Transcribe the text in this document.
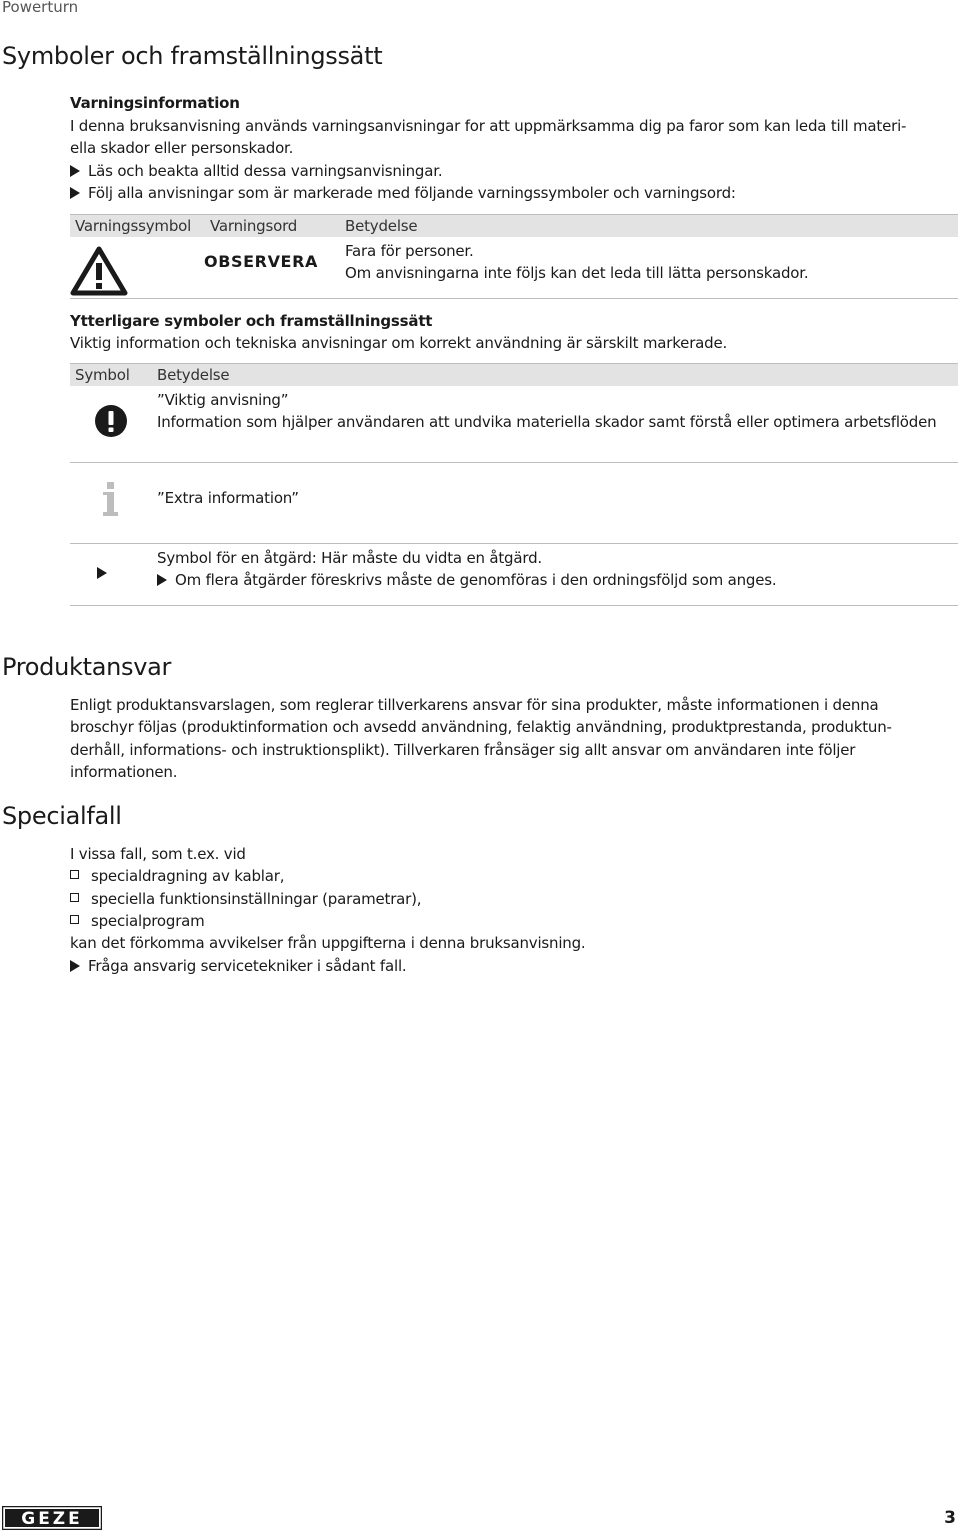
Powerturn
Symboler och framställningssätt
Varningsinformation
I denna bruksanvisning används varningsanvisningar for att uppmärksamma dig pa faror som kan leda till materi-
ella skador eller personskador.
Läs och beakta alltid dessa varningsanvisningar.
Följ alla anvisningar som är markerade med följande varningssymboler och varningsord:
Varningssymbol Varningsord	Betydelse
OBSERVERA
Fara för personer.
Om anvisningarna inte följs kan det leda till lätta personskador.
Ytterligare symboler och framställningssätt
Viktig information och tekniska anvisningar om korrekt användning är särskilt markerade.
Symbol Betydelse
”Viktig anvisning”
Information som hjälper användaren att undvika materiella skador samt förstå eller optimera arbetsflöden
”Extra information”
Symbol för en åtgärd: Här måste du vidta en åtgärd.
Om flera åtgärder föreskrivs måste de genomföras i den ordningsföljd som anges.
Produktansvar
Enligt produktansvarslagen, som reglerar tillverkarens ansvar för sina produkter, måste informationen i denna
broschyr följas (produktinformation och avsedd användning, felaktig användning, produktprestanda, produktun-
derhåll, informations- och instruktionsplikt). Tillverkaren frånsäger sig allt ansvar om användaren inte följer
informationen.
Specialfall
I vissa fall, som t.ex. vid
specialdragning av kablar,
speciella funktionsinställningar (parametrar),
specialprogram
kan det förkomma avvikelser från uppgifterna i denna bruksanvisning.
Fråga ansvarig servicetekniker i sådant fall.
GEZE	3
